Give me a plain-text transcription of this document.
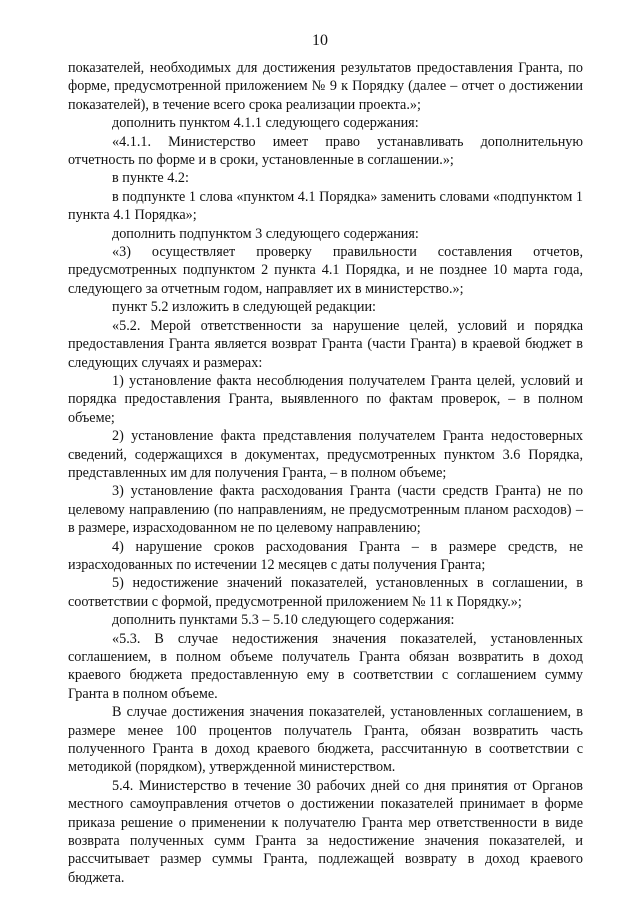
10

показателей, необходимых для достижения результатов предоставления Гранта, по форме, предусмотренной приложением № 9 к Порядку (далее – отчет о достижении показателей), в течение всего срока реализации проекта.»;

дополнить пунктом 4.1.1 следующего содержания:

«4.1.1. Министерство имеет право устанавливать дополнительную отчетность по форме и в сроки, установленные в соглашении.»;

в пункте 4.2:

в подпункте 1 слова «пунктом 4.1 Порядка» заменить словами «подпунктом 1 пункта 4.1 Порядка»;

дополнить подпунктом 3 следующего содержания:

«3) осуществляет проверку правильности составления отчетов, предусмотренных подпунктом 2 пункта 4.1 Порядка, и не позднее 10 марта года, следующего за отчетным годом, направляет их в министерство.»;

пункт 5.2 изложить в следующей редакции:

«5.2. Мерой ответственности за нарушение целей, условий и порядка предоставления Гранта является возврат Гранта (части Гранта) в краевой бюджет в следующих случаях и размерах:

1) установление факта несоблюдения получателем Гранта целей, условий и порядка предоставления Гранта, выявленного по фактам проверок, – в полном объеме;

2) установление факта представления получателем Гранта недостоверных сведений, содержащихся в документах, предусмотренных пунктом 3.6 Порядка, представленных им для получения Гранта, – в полном объеме;

3) установление факта расходования Гранта (части средств Гранта) не по целевому направлению (по направлениям, не предусмотренным планом расходов) – в размере, израсходованном не по целевому направлению;

4) нарушение сроков расходования Гранта – в размере средств, не израсходованных по истечении 12 месяцев с даты получения Гранта;

5) недостижение значений показателей, установленных в соглашении, в соответствии с формой, предусмотренной приложением № 11 к Порядку.»;

дополнить пунктами 5.3 – 5.10 следующего содержания:

«5.3. В случае недостижения значения показателей, установленных соглашением, в полном объеме получатель Гранта обязан возвратить в доход краевого бюджета предоставленную ему в соответствии с соглашением сумму Гранта в полном объеме.

В случае достижения значения показателей, установленных соглашением, в размере менее 100 процентов получатель Гранта, обязан возвратить часть полученного Гранта в доход краевого бюджета, рассчитанную в соответствии с методикой (порядком), утвержденной министерством.

5.4. Министерство в течение 30 рабочих дней со дня принятия от Органов местного самоуправления отчетов о достижении показателей принимает в форме приказа решение о применении к получателю Гранта мер ответственности в виде возврата полученных сумм Гранта за недостижение значения показателей, и рассчитывает размер суммы Гранта, подлежащей возврату в доход краевого бюджета.
